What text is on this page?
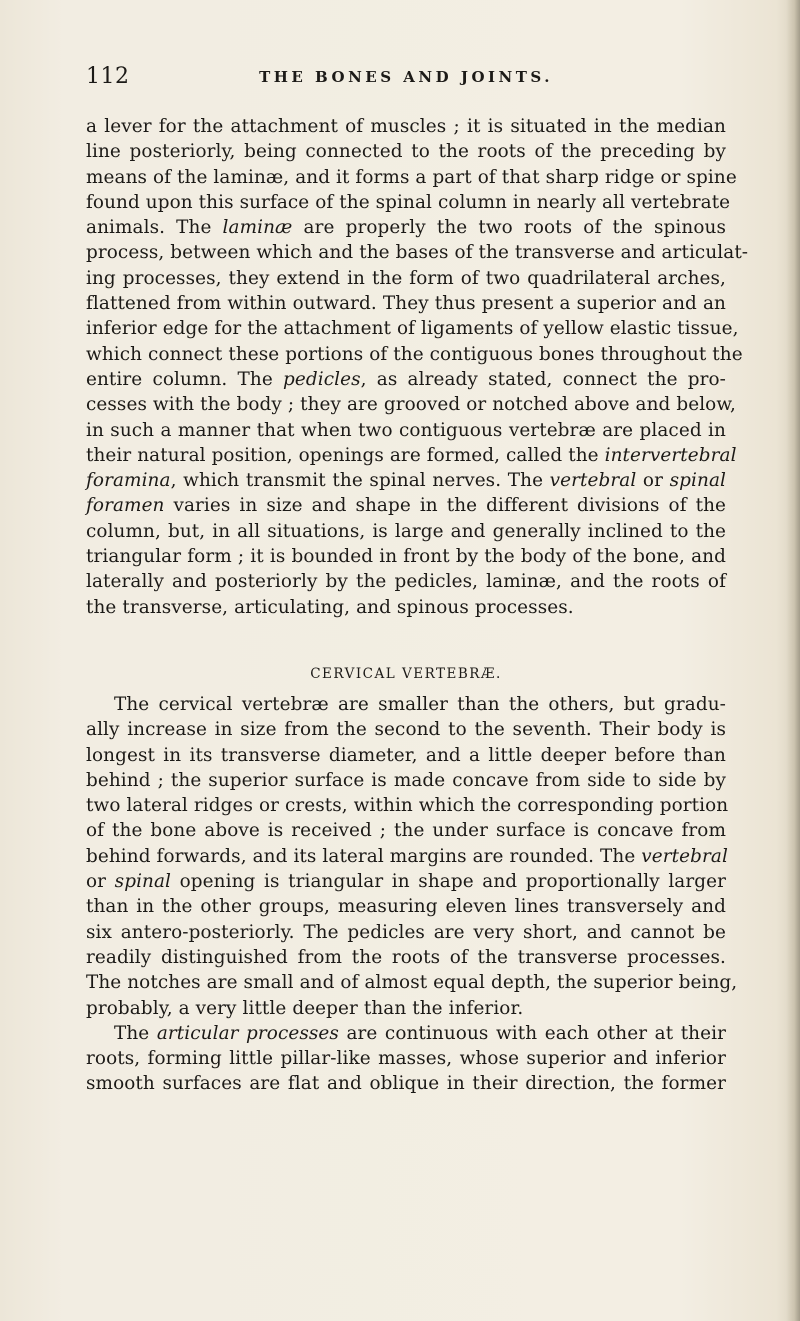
112	THE BONES AND JOINTS.
a lever for the attachment of muscles ; it is situated in the median
line posteriorly, being connected to the roots of the preceding by
means of the laminæ, and it forms a part of that sharp ridge or spine
found upon this surface of the spinal column in nearly all vertebrate
animals. The laminæ are properly the two roots of the spinous
process, between which and the bases of the transverse and articulat-
ing processes, they extend in the form of two quadrilateral arches,
flattened from within outward. They thus present a superior and an
inferior edge for the attachment of ligaments of yellow elastic tissue,
which connect these portions of the contiguous bones throughout the
entire column. The pedicles, as already stated, connect the pro-
cesses with the body ; they are grooved or notched above and below,
in such a manner that when two contiguous vertebræ are placed in
their natural position, openings are formed, called the intervertebral
foramina, which transmit the spinal nerves. The vertebral or spinal
foramen varies in size and shape in the different divisions of the
column, but, in all situations, is large and generally inclined to the
triangular form ; it is bounded in front by the body of the bone, and
laterally and posteriorly by the pedicles, laminæ, and the roots of
the transverse, articulating, and spinous processes.
CERVICAL VERTEBRÆ.
The cervical vertebræ are smaller than the others, but gradu-
ally increase in size from the second to the seventh. Their body is
longest in its transverse diameter, and a little deeper before than
behind ; the superior surface is made concave from side to side by
two lateral ridges or crests, within which the corresponding portion
of the bone above is received ; the under surface is concave from
behind forwards, and its lateral margins are rounded. The vertebral
or spinal opening is triangular in shape and proportionally larger
than in the other groups, measuring eleven lines transversely and
six antero-posteriorly. The pedicles are very short, and cannot be
readily distinguished from the roots of the transverse processes.
The notches are small and of almost equal depth, the superior being,
probably, a very little deeper than the inferior.
The articular processes are continuous with each other at their
roots, forming little pillar-like masses, whose superior and inferior
smooth surfaces are flat and oblique in their direction, the former
